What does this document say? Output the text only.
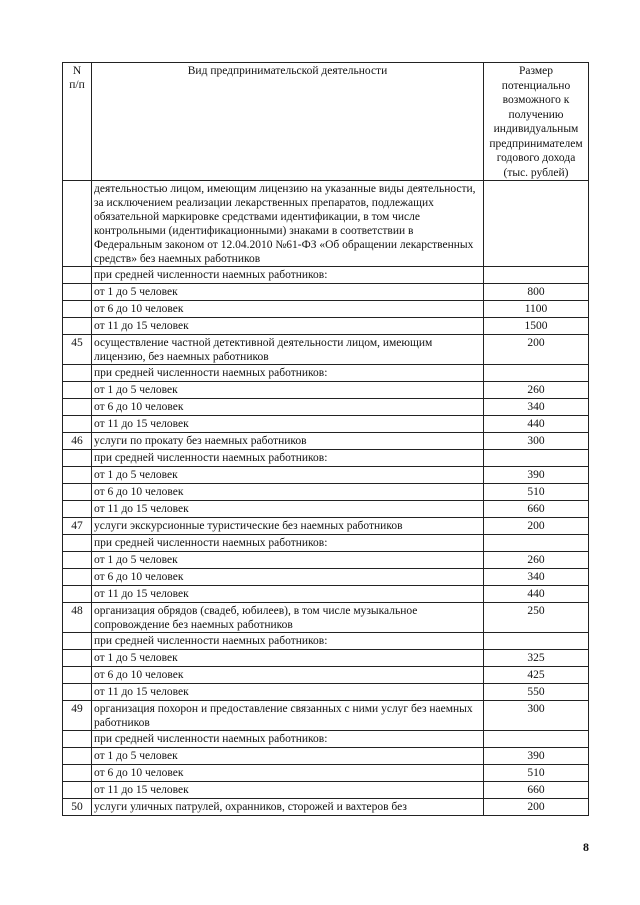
N
п/п	Вид предпринимательской деятельности	Размер потенциально возможного к получению индивидуальным предпринимателем годового дохода (тыс. рублей)
	деятельностью лицом, имеющим лицензию на указанные виды деятельности, за исключением реализации лекарственных препаратов, подлежащих обязательной маркировке средствами идентификации, в том числе контрольными (идентификационными) знаками в соответствии в Федеральным законом от 12.04.2010 №61-ФЗ «Об обращении лекарственных средств» без наемных работников	
	при средней численности наемных работников:	
	от 1 до 5 человек	800
	от 6 до 10 человек	1100
	от 11 до 15 человек	1500
45	осуществление частной детективной деятельности лицом, имеющим лицензию, без наемных работников	200
	при средней численности наемных работников:	
	от 1 до 5 человек	260
	от 6 до 10 человек	340
	от 11 до 15 человек	440
46	услуги по прокату без наемных работников	300
	при средней численности наемных работников:	
	от 1 до 5 человек	390
	от 6 до 10 человек	510
	от 11 до 15 человек	660
47	услуги экскурсионные туристические без наемных работников	200
	при средней численности наемных работников:	
	от 1 до 5 человек	260
	от 6 до 10 человек	340
	от 11 до 15 человек	440
48	организация обрядов (свадеб, юбилеев), в том числе музыкальное сопровождение без наемных работников	250
	при средней численности наемных работников:	
	от 1 до 5 человек	325
	от 6 до 10 человек	425
	от 11 до 15 человек	550
49	организация похорон и предоставление связанных с ними услуг без наемных работников	300
	при средней численности наемных работников:	
	от 1 до 5 человек	390
	от 6 до 10 человек	510
	от 11 до 15 человек	660
50	услуги уличных патрулей, охранников, сторожей и вахтеров без	200
8
